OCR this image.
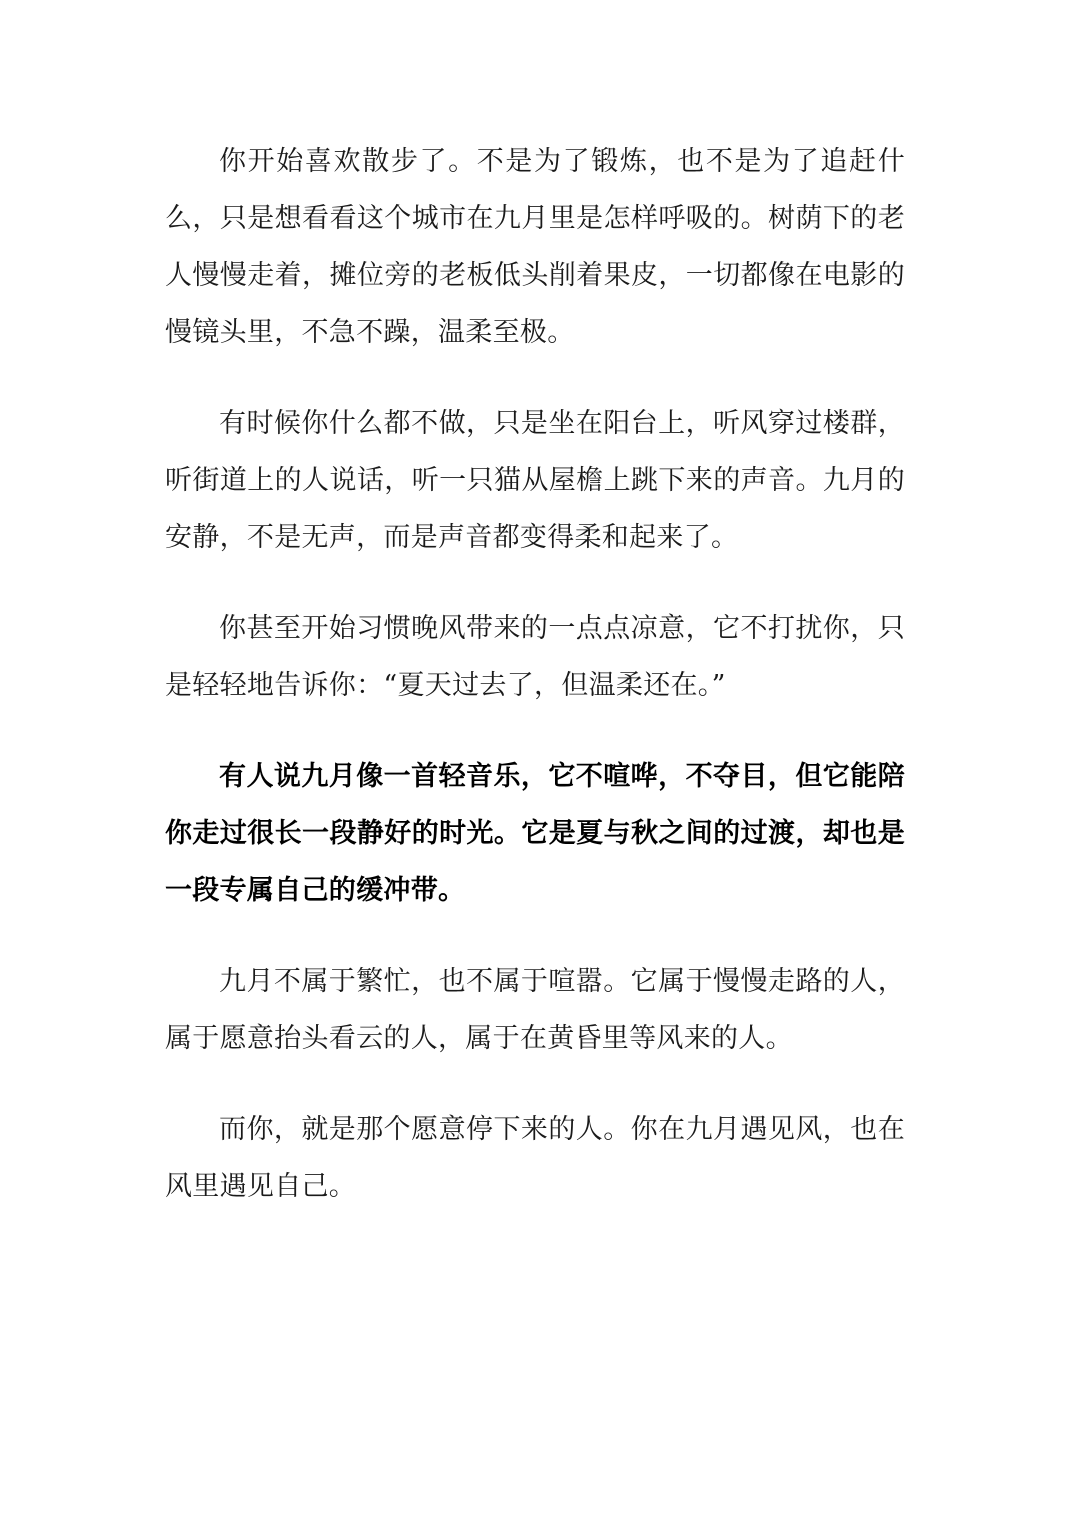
你开始喜欢散步了。不是为了锻炼，也不是为了追赶什么，只是想看看这个城市在九月里是怎样呼吸的。树荫下的老人慢慢走着，摊位旁的老板低头削着果皮，一切都像在电影的慢镜头里，不急不躁，温柔至极。

有时候你什么都不做，只是坐在阳台上，听风穿过楼群，听街道上的人说话，听一只猫从屋檐上跳下来的声音。九月的安静，不是无声，而是声音都变得柔和起来了。

你甚至开始习惯晚风带来的一点点凉意，它不打扰你，只是轻轻地告诉你：“夏天过去了，但温柔还在。”

有人说九月像一首轻音乐，它不喧哗，不夺目，但它能陪你走过很长一段静好的时光。它是夏与秋之间的过渡，却也是一段专属自己的缓冲带。

九月不属于繁忙，也不属于喧嚣。它属于慢慢走路的人，属于愿意抬头看云的人，属于在黄昏里等风来的人。

而你，就是那个愿意停下来的人。你在九月遇见风，也在风里遇见自己。
